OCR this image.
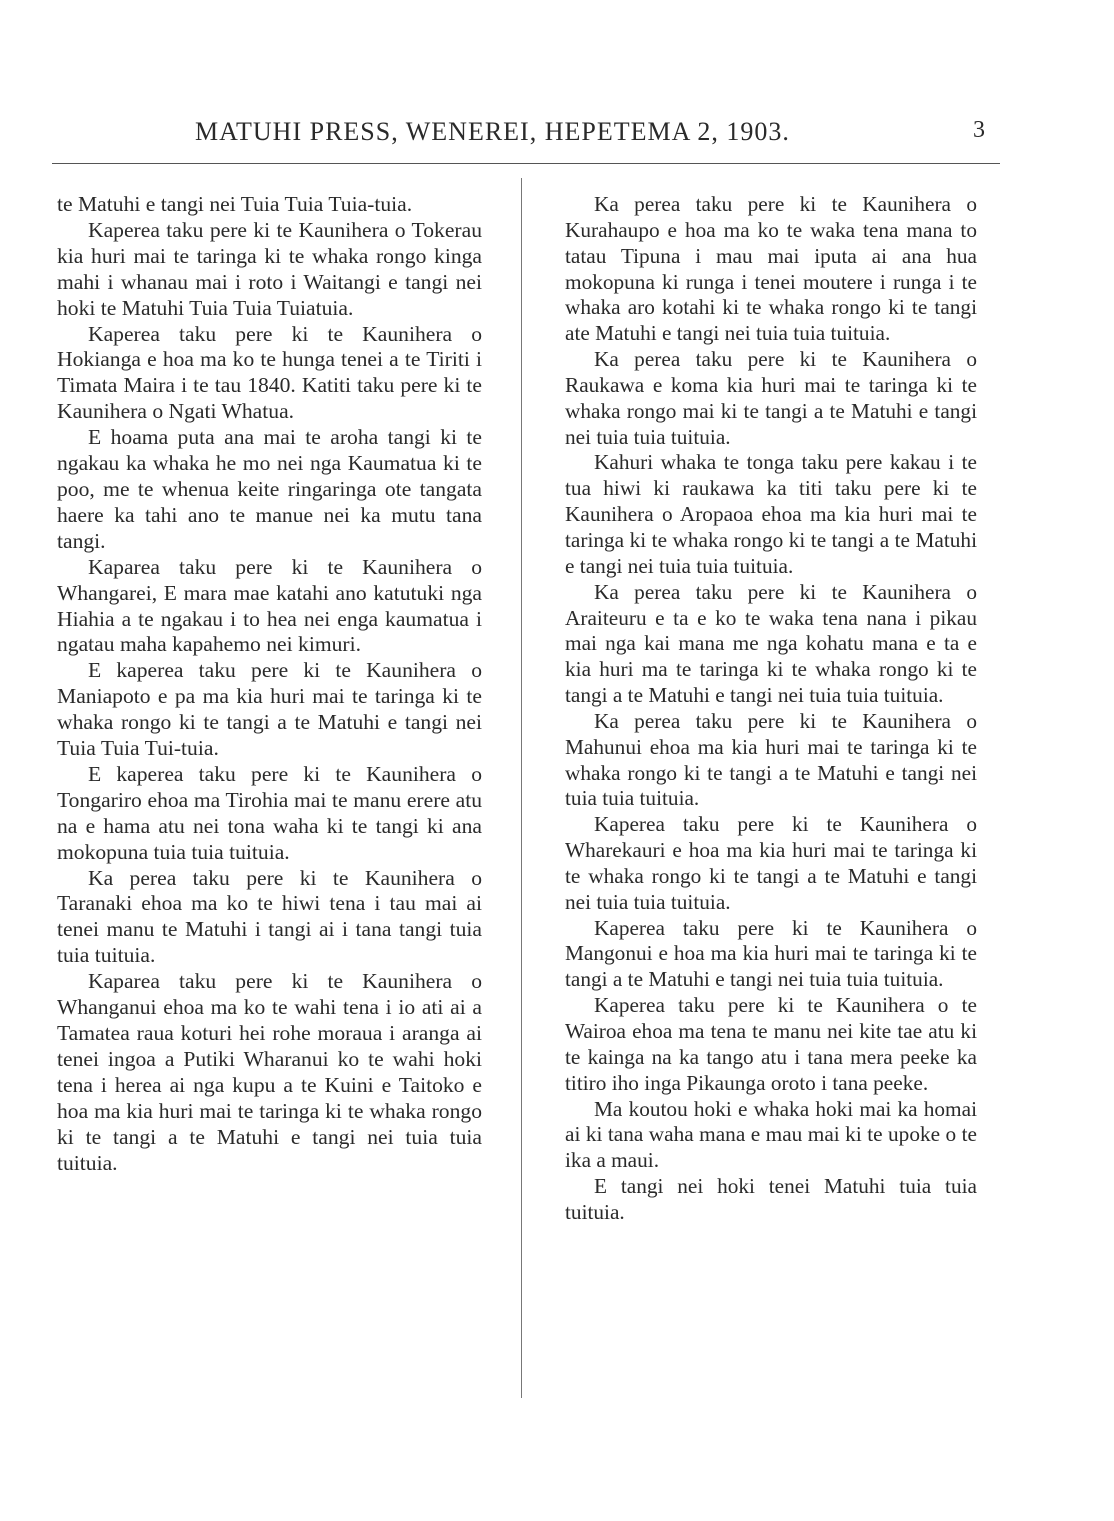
MATUHI PRESS, WENEREI, HEPETEMA 2, 1903.	3

te Matuhi e tangi nei Tuia Tuia Tuia-tuia.

Kaperea taku pere ki te Kaunihera o Tokerau kia huri mai te taringa ki te whaka rongo kinga mahi i whanau mai i roto i Waitangi e tangi nei hoki te Matuhi Tuia Tuia Tuiatuia.

Kaperea taku pere ki te Kaunihera o Hokianga e hoa ma ko te hunga tenei a te Tiriti i Timata Maira i te tau 1840. Katiti taku pere ki te Kaunihera o Ngati Whatua.

E hoama puta ana mai te aroha tangi ki te ngakau ka whaka he mo nei nga Kaumatua ki te poo, me te whenua keite ringaringa ote tangata haere ka tahi ano te manue nei ka mutu tana tangi.

Kaparea taku pere ki te Kaunihera o Whangarei, E mara mae katahi ano katutuki nga Hiahia a te ngakau i to hea nei enga kaumatua i ngatau maha kapahemo nei kimuri.

E kaperea taku pere ki te Kaunihera o Maniapoto e pa ma kia huri mai te taringa ki te whaka rongo ki te tangi a te Matuhi e tangi nei Tuia Tuia Tui-tuia.

E kaperea taku pere ki te Kaunihera o Tongariro ehoa ma Tirohia mai te manu erere atu na e hama atu nei tona waha ki te tangi ki ana mokopuna tuia tuia tuituia.

Ka perea taku pere ki te Kaunihera o Taranaki ehoa ma ko te hiwi tena i tau mai ai tenei manu te Matuhi i tangi ai i tana tangi tuia tuia tuituia.

Kaparea taku pere ki te Kaunihera o Whanganui ehoa ma ko te wahi tena i io ati ai a Tamatea raua koturi hei rohe moraua i aranga ai tenei ingoa a Putiki Wharanui ko te wahi hoki tena i herea ai nga kupu a te Kuini e Taitoko e hoa ma kia huri mai te taringa ki te whaka rongo ki te tangi a te Matuhi e tangi nei tuia tuia tuituia.

Ka perea taku pere ki te Kaunihera o Kurahaupo e hoa ma ko te waka tena mana to tatau Tipuna i mau mai iputa ai ana hua mokopuna ki runga i tenei moutere i runga i te whaka aro kotahi ki te whaka rongo ki te tangi ate Matuhi e tangi nei tuia tuia tuituia.

Ka perea taku pere ki te Kaunihera o Raukawa e koma kia huri mai te taringa ki te whaka rongo mai ki te tangi a te Matuhi e tangi nei tuia tuia tuituia.

Kahuri whaka te tonga taku pere kakau i te tua hiwi ki raukawa ka titi taku pere ki te Kaunihera o Aropaoa ehoa ma kia huri mai te taringa ki te whaka rongo ki te tangi a te Matuhi e tangi nei tuia tuia tuituia.

Ka perea taku pere ki te Kaunihera o Araiteuru e ta e ko te waka tena nana i pikau mai nga kai mana me nga kohatu mana e ta e kia huri ma te taringa ki te whaka rongo ki te tangi a te Matuhi e tangi nei tuia tuia tuituia.

Ka perea taku pere ki te Kaunihera o Mahunui ehoa ma kia huri mai te taringa ki te whaka rongo ki te tangi a te Matuhi e tangi nei tuia tuia tuituia.

Kaperea taku pere ki te Kaunihera o Wharekauri e hoa ma kia huri mai te taringa ki te whaka rongo ki te tangi a te Matuhi e tangi nei tuia tuia tuituia.

Kaperea taku pere ki te Kaunihera o Mangonui e hoa ma kia huri mai te taringa ki te tangi a te Matuhi e tangi nei tuia tuia tuituia.

Kaperea taku pere ki te Kaunihera o te Wairoa ehoa ma tena te manu nei kite tae atu ki te kainga na ka tango atu i tana mera peeke ka titiro iho inga Pikaunga oroto i tana peeke.

Ma koutou hoki e whaka hoki mai ka homai ai ki tana waha mana e mau mai ki te upoke o te ika a maui.

E tangi nei hoki tenei Matuhi tuia tuia tuituia.
